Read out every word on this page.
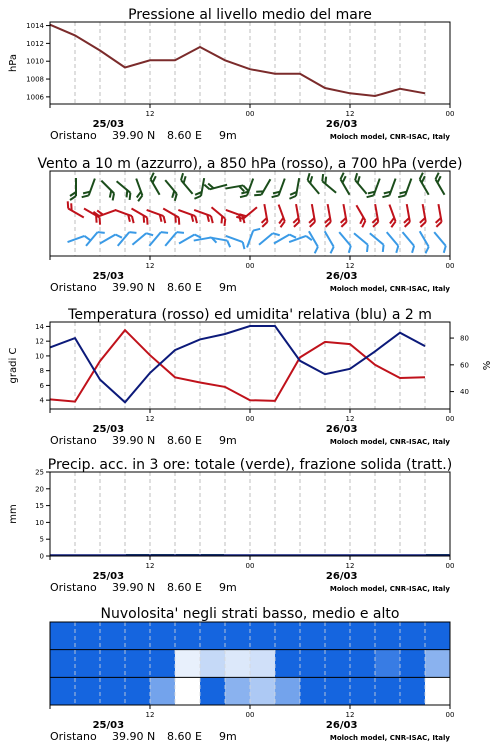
Pressione al livello medio del mare
1006
1008
1010
1012
1014
hPa
12	00	12	00
25/03	26/03
Oristano 39.90 N 8.60 E 9m	Moloch model, CNR-ISAC, Italy
Vento a 10 m (azzurro), a 850 hPa (rosso), a 700 hPa (verde)
12	00	12	00
25/03	26/03
Oristano 39.90 N 8.60 E 9m	Moloch model, CNR-ISAC, Italy
Temperatura (rosso) ed umidita' relativa (blu) a 2 m
4
6
8
10
12
14
40
60
80
gradi C	%
12	00	12	00
25/03	26/03
Oristano 39.90 N 8.60 E 9m	Moloch model, CNR-ISAC, Italy
Precip. acc. in 3 ore: totale (verde), frazione solida (tratt.)
0
5
10
15
20
25
mm
12	00	12	00
25/03	26/03
Oristano 39.90 N 8.60 E 9m	Moloch model, CNR-ISAC, Italy
Nuvolosita' negli strati basso, medio e alto
12	00	12	00
25/03	26/03
Oristano 39.90 N 8.60 E 9m	Moloch model, CNR-ISAC, Italy
